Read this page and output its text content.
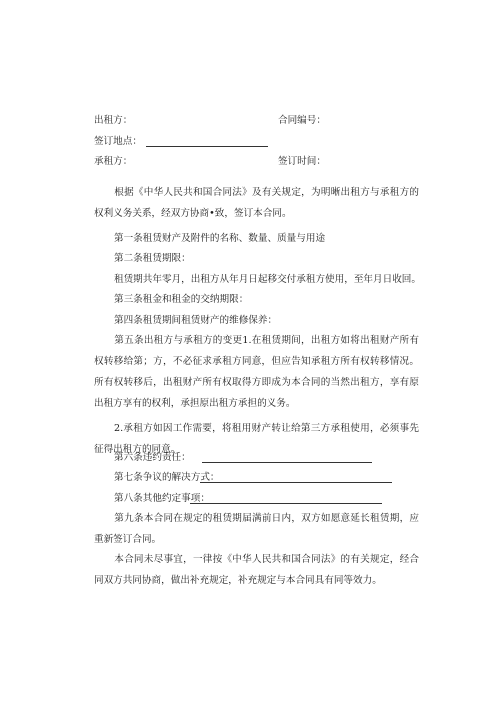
出租方：	合同编号：
签订地点：
承租方：	签订时间：

根据《中华人民共和国合同法》及有关规定，为明晰出租方与承租方的权利义务关系，经双方协商•致，签订本合同。

第一条租赁财产及附件的名称、数量、质量与用途
第二条租赁期限：
租赁期共年零月，出租方从年月日起移交付承租方使用，至年月日收回。
第三条租金和租金的交纳期限：
第四条租赁期间租赁财产的维修保养：

第五条出租方与承租方的变更1.在租赁期间，出租方如将出租财产所有权转移给第；方，不必征求承租方同意，但应告知承租方所有权转移情况。所有权转移后，出租财产所有权取得方即成为本合同的当然出租方，享有原出租方享有的权利，承担原出租方承担的义务。

2.承租方如因工作需要，将租用财产转让给第三方承租使用，必须事先征得出租方的同意。

第六条违约责任：
第七条争议的解决方式：
第八条其他约定事项：

第九条本合同在规定的租赁期届满前日内，双方如愿意延长租赁期，应重新签订合同。

本合同未尽事宜，一律按《中华人民共和国合同法》的有关规定，经合同双方共同协商，做出补充规定，补充规定与本合同具有同等效力。
